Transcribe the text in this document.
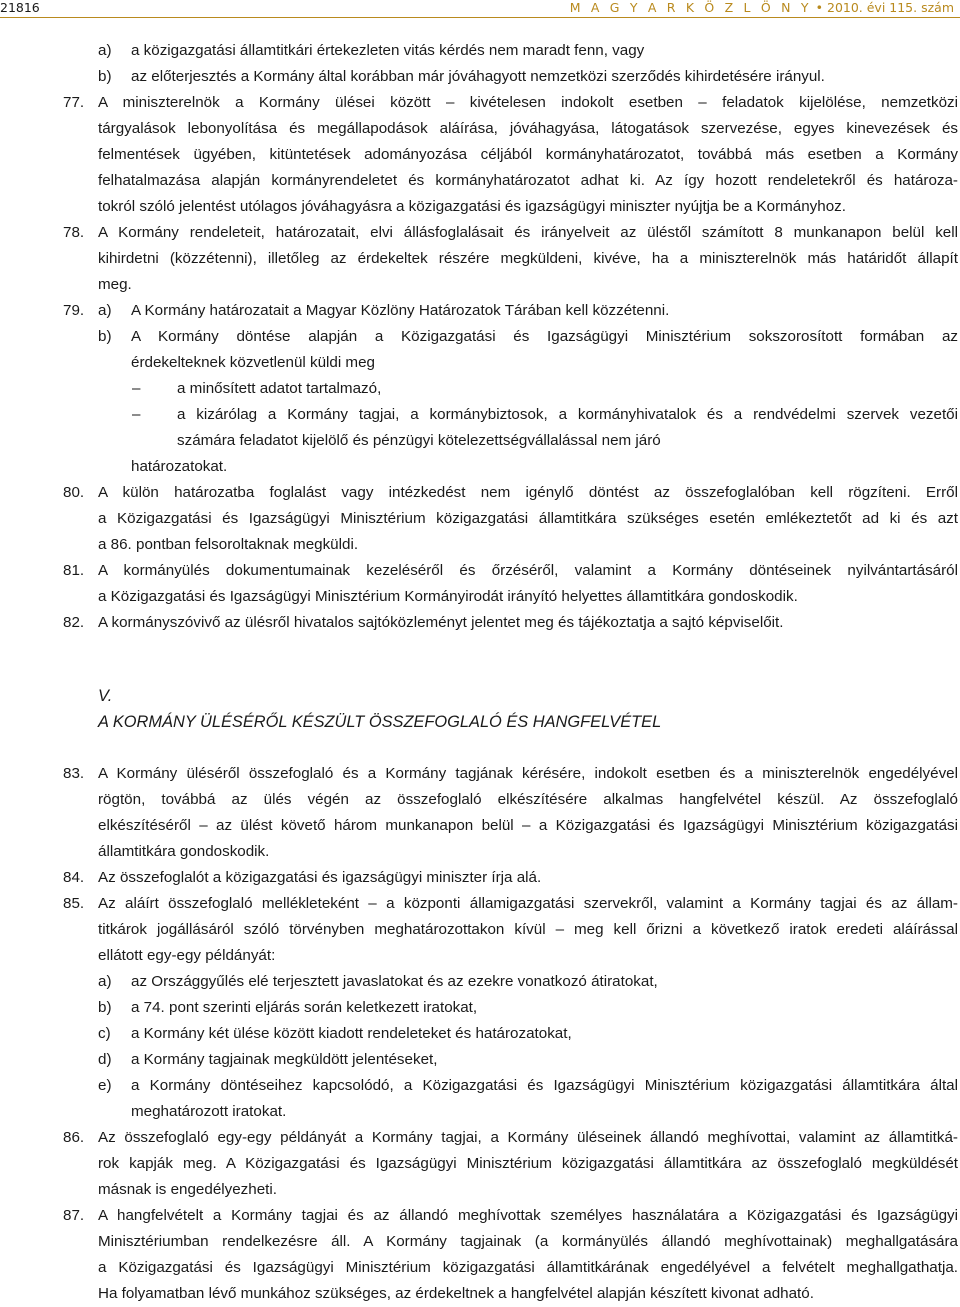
21816	M A G Y A R K Ö Z L Ö N Y • 2010. évi 115. szám
a) a közigazgatási államtitkári értekezleten vitás kérdés nem maradt fenn, vagy
b) az előterjesztés a Kormány által korábban már jóváhagyott nemzetközi szerződés kihirdetésére irányul.
77. A miniszterelnök a Kormány ülései között – kivételesen indokolt esetben – feladatok kijelölése, nemzetközi
tárgyalások lebonyolítása és megállapodások aláírása, jóváhagyása, látogatások szervezése, egyes kinevezések és
felmentések ügyében, kitüntetések adományozása céljából kormányhatározatot, továbbá más esetben a Kormány
felhatalmazása alapján kormányrendeletet és kormányhatározatot adhat ki. Az így hozott rendeletekről és határoza-
tokról szóló jelentést utólagos jóváhagyásra a közigazgatási és igazságügyi miniszter nyújtja be a Kormányhoz.
78. A Kormány rendeleteit, határozatait, elvi állásfoglalásait és irányelveit az üléstől számított 8 munkanapon belül kell
kihirdetni (közzétenni), illetőleg az érdekeltek részére megküldeni, kivéve, ha a miniszterelnök más határidőt állapít
meg.
79. a) A Kormány határozatait a Magyar Közlöny Határozatok Tárában kell közzétenni.
b) A Kormány döntése alapján a Közigazgatási és Igazságügyi Minisztérium sokszorosított formában az
érdekelteknek közvetlenül küldi meg
– a minősített adatot tartalmazó,
– a kizárólag a Kormány tagjai, a kormánybiztosok, a kormányhivatalok és a rendvédelmi szervek vezetői
számára feladatot kijelölő és pénzügyi kötelezettségvállalással nem járó
határozatokat.
80. A külön határozatba foglalást vagy intézkedést nem igénylő döntést az összefoglalóban kell rögzíteni. Erről
a Közigazgatási és Igazságügyi Minisztérium közigazgatási államtitkára szükséges esetén emlékeztetőt ad ki és azt
a 86. pontban felsoroltaknak megküldi.
81. A kormányülés dokumentumainak kezeléséről és őrzéséről, valamint a Kormány döntéseinek nyilvántartásáról
a Közigazgatási és Igazságügyi Minisztérium Kormányirodát irányító helyettes államtitkára gondoskodik.
82. A kormányszóvivő az ülésről hivatalos sajtóközleményt jelentet meg és tájékoztatja a sajtó képviselőit.
V.
A KORMÁNY ÜLÉSÉRŐL KÉSZÜLT ÖSSZEFOGLALÓ ÉS HANGFELVÉTEL
83. A Kormány üléséről összefoglaló és a Kormány tagjának kérésére, indokolt esetben és a miniszterelnök engedélyével
rögtön, továbbá az ülés végén az összefoglaló elkészítésére alkalmas hangfelvétel készül. Az összefoglaló
elkészítéséről – az ülést követő három munkanapon belül – a Közigazgatási és Igazságügyi Minisztérium közigazgatási
államtitkára gondoskodik.
84. Az összefoglalót a közigazgatási és igazságügyi miniszter írja alá.
85. Az aláírt összefoglaló mellékleteként – a központi államigazgatási szervekről, valamint a Kormány tagjai és az állam-
titkárok jogállásáról szóló törvényben meghatározottakon kívül – meg kell őrizni a következő iratok eredeti aláírással
ellátott egy-egy példányát:
a) az Országgyűlés elé terjesztett javaslatokat és az ezekre vonatkozó átiratokat,
b) a 74. pont szerinti eljárás során keletkezett iratokat,
c) a Kormány két ülése között kiadott rendeleteket és határozatokat,
d) a Kormány tagjainak megküldött jelentéseket,
e) a Kormány döntéseihez kapcsolódó, a Közigazgatási és Igazságügyi Minisztérium közigazgatási államtitkára által
meghatározott iratokat.
86. Az összefoglaló egy-egy példányát a Kormány tagjai, a Kormány üléseinek állandó meghívottai, valamint az államtitká-
rok kapják meg. A Közigazgatási és Igazságügyi Minisztérium közigazgatási államtitkára az összefoglaló megküldését
másnak is engedélyezheti.
87. A hangfelvételt a Kormány tagjai és az állandó meghívottak személyes használatára a Közigazgatási és Igazságügyi
Minisztériumban rendelkezésre áll. A Kormány tagjainak (a kormányülés állandó meghívottainak) meghallgatására
a Közigazgatási és Igazságügyi Minisztérium közigazgatási államtitkárának engedélyével a felvételt meghallgathatja.
Ha folyamatban lévő munkához szükséges, az érdekeltnek a hangfelvétel alapján készített kivonat adható.
